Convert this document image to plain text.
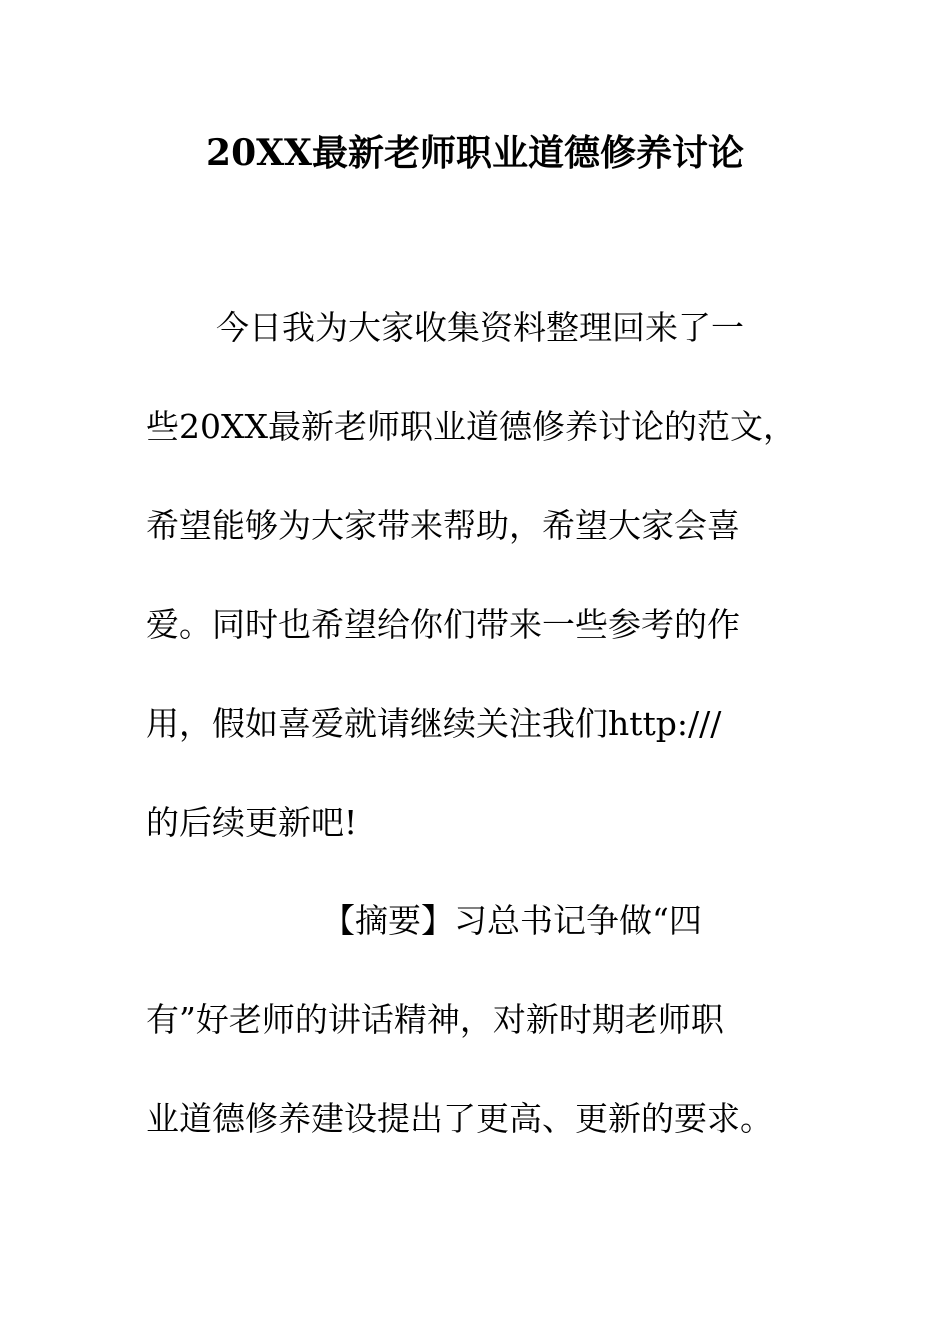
20XX最新老师职业道德修养讨论
今日我为大家收集资料整理回来了一
些20XX最新老师职业道德修养讨论的范文，
希望能够为大家带来帮助，希望大家会喜
爱。同时也希望给你们带来一些参考的作
用，假如喜爱就请继续关注我们http:///
的后续更新吧!
【摘要】习总书记争做“四
有”好老师的讲话精神，对新时期老师职
业道德修养建设提出了更高、更新的要求。
